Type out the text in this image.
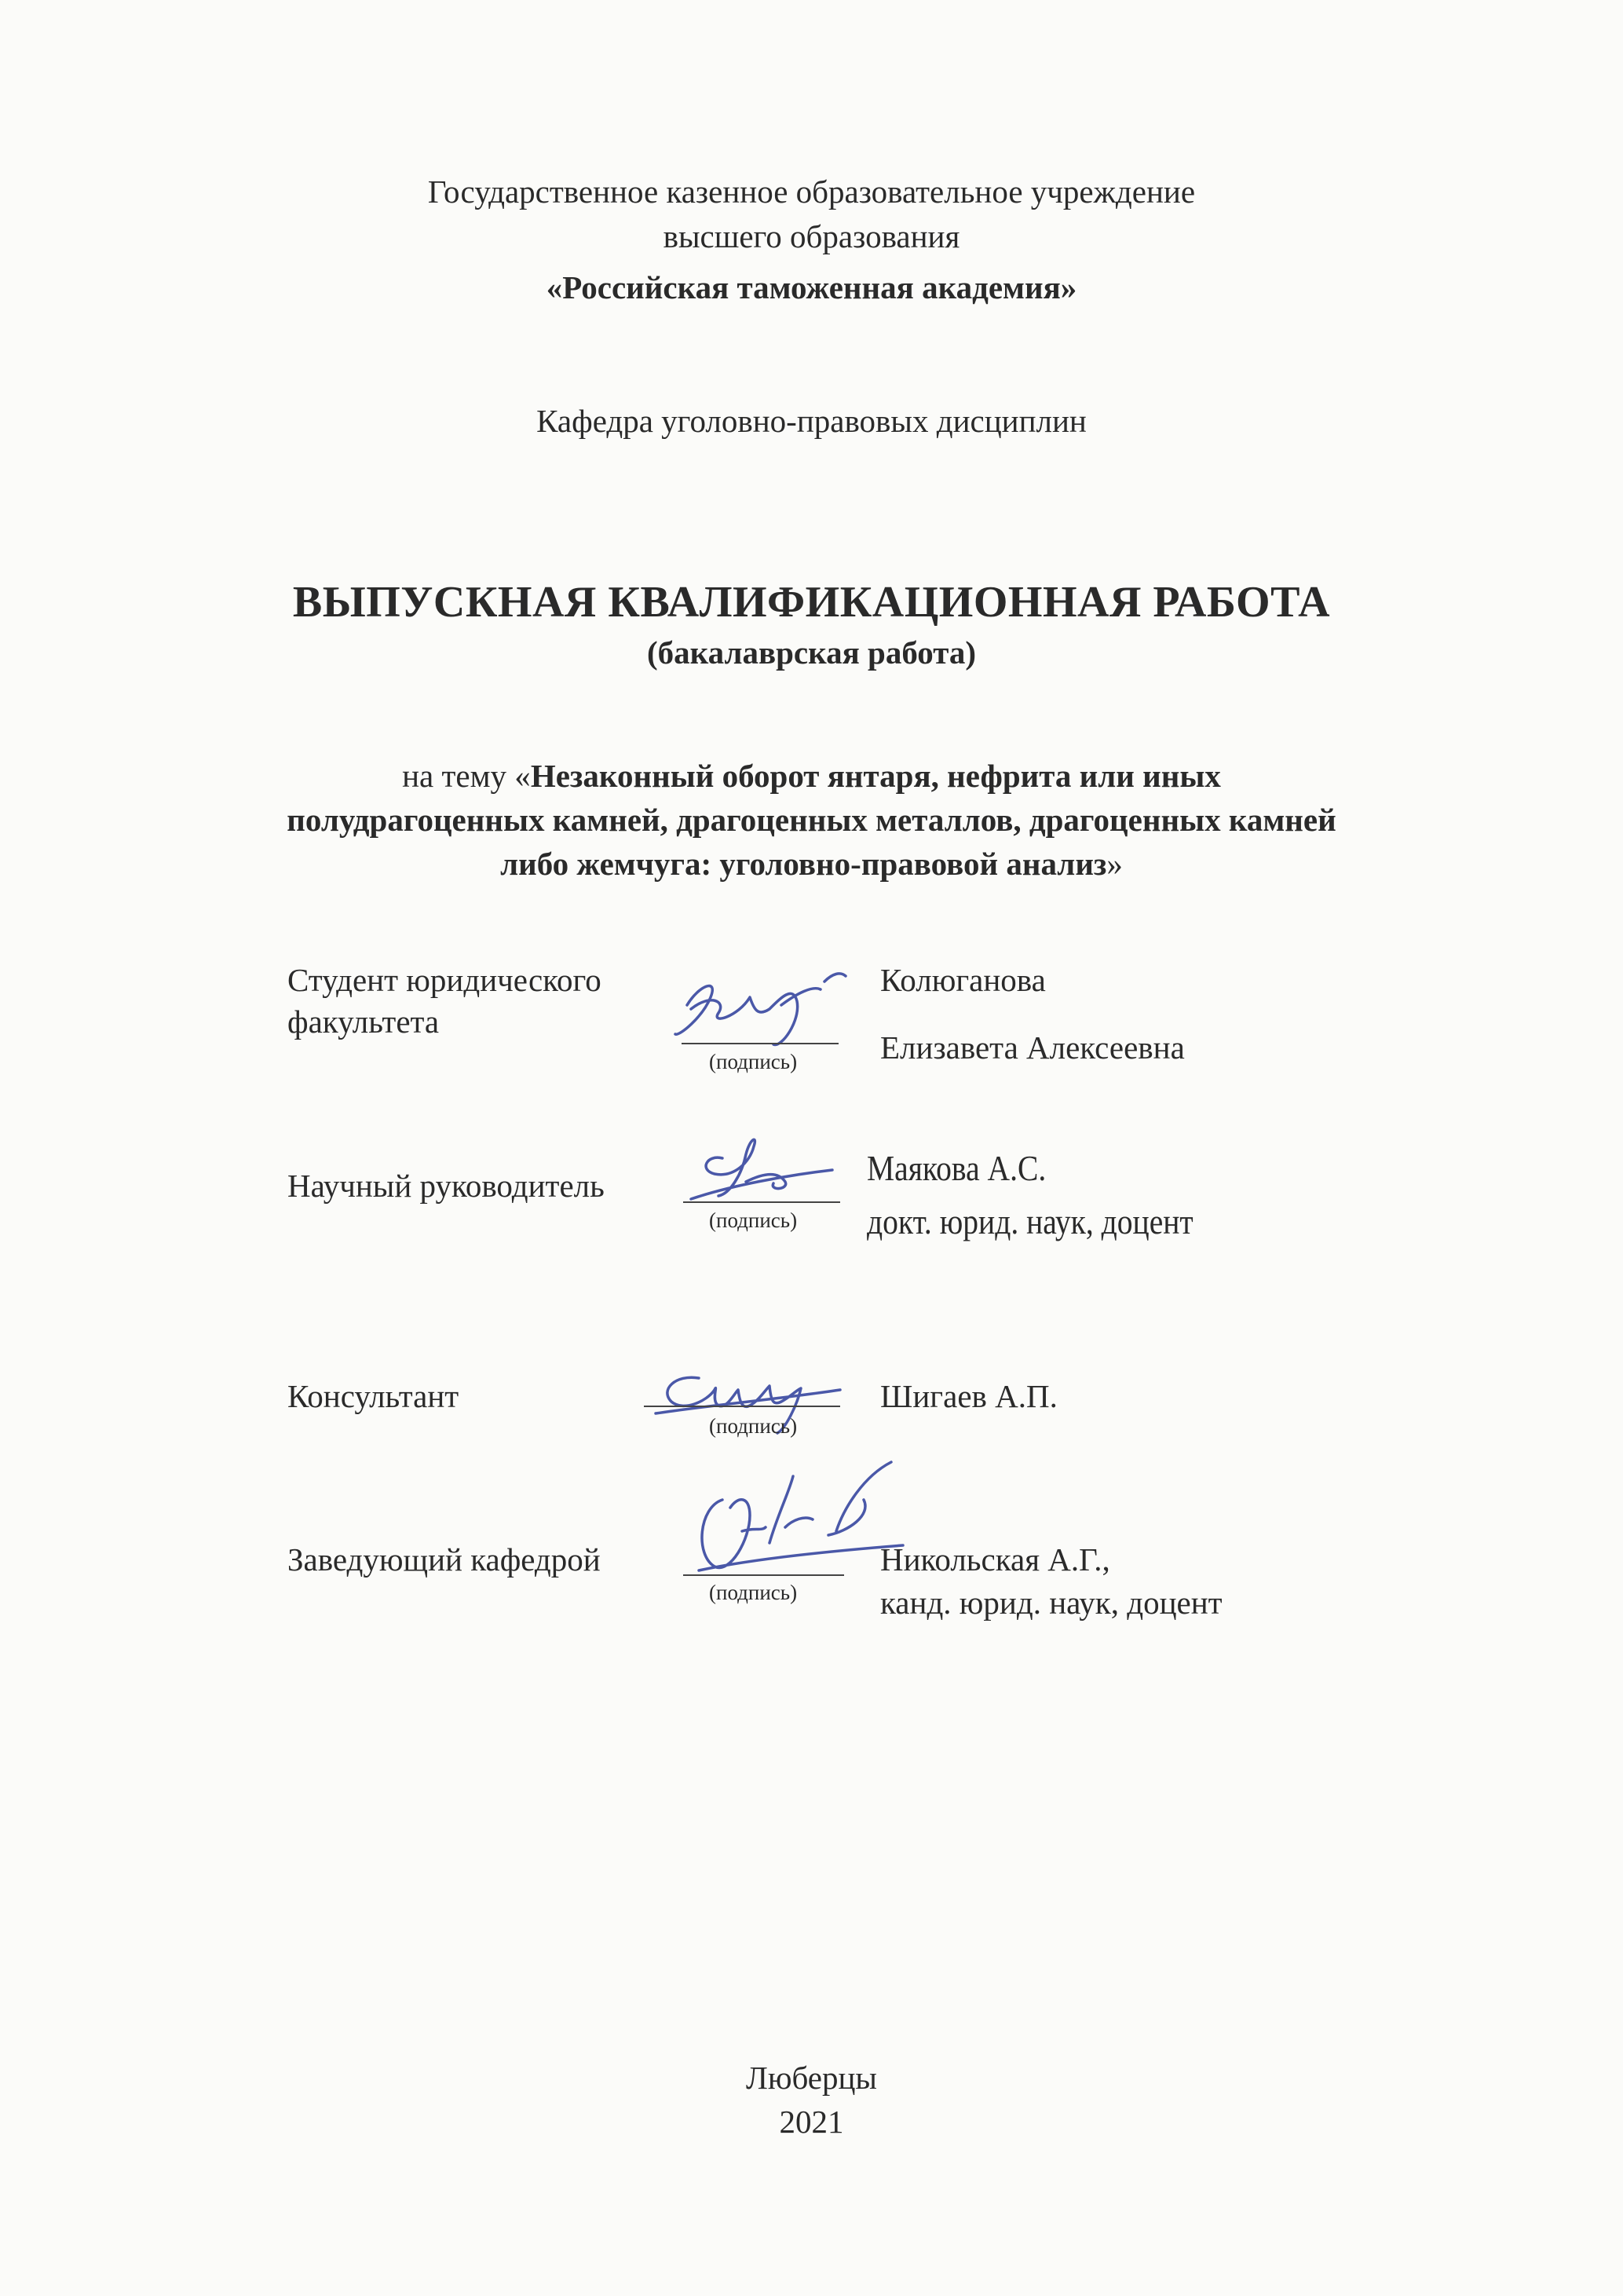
Государственное казенное образовательное учреждение
высшего образования
«Российская таможенная академия»
Кафедра уголовно-правовых дисциплин
ВЫПУСКНАЯ КВАЛИФИКАЦИОННАЯ РАБОТА
(бакалаврская работа)
на тему «Незаконный оборот янтаря, нефрита или иных
полудрагоценных камней, драгоценных металлов, драгоценных камней
либо жемчуга: уголовно-правовой анализ»
Студент юридического
факультета
(подпись)
Колюганова
Елизавета Алексеевна
Научный руководитель
(подпись)
Маякова А.С.
докт. юрид. наук, доцент
Консультант
(подпись)
Шигаев А.П.
Заведующий кафедрой
(подпись)
Никольская А.Г.,
канд. юрид. наук, доцент
Люберцы
2021
